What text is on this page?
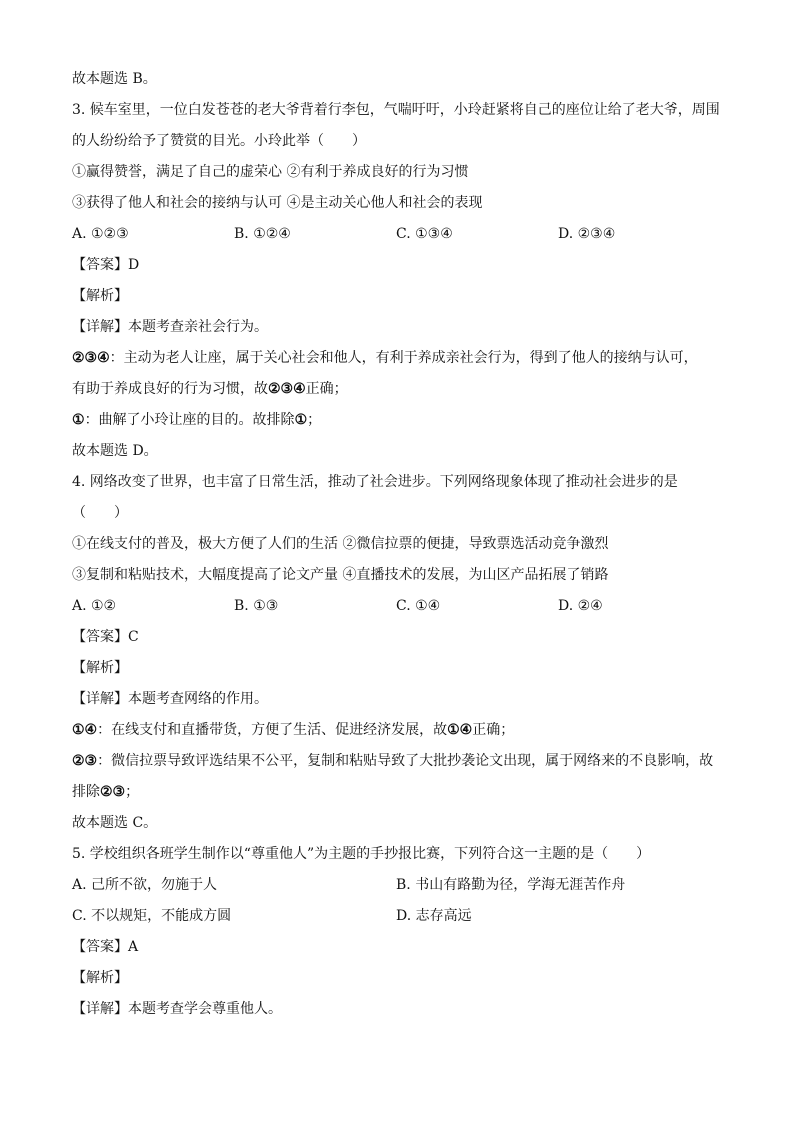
故本题选 B。
3. 候车室里，一位白发苍苍的老大爷背着行李包，气喘吁吁，小玲赶紧将自己的座位让给了老大爷，周围
的人纷纷给予了赞赏的目光。小玲此举（　　）
①赢得赞誉，满足了自己的虚荣心 ②有利于养成良好的行为习惯
③获得了他人和社会的接纳与认可 ④是主动关心他人和社会的表现
A. ①②③	B. ①②④	C. ①③④	D. ②③④
【答案】D
【解析】
【详解】本题考查亲社会行为。
②③④：主动为老人让座，属于关心社会和他人，有利于养成亲社会行为，得到了他人的接纳与认可，
有助于养成良好的行为习惯，故②③④正确；
①：曲解了小玲让座的目的。故排除①；
故本题选 D。
4. 网络改变了世界，也丰富了日常生活，推动了社会进步。下列网络现象体现了推动社会进步的是
（　　）
①在线支付的普及，极大方便了人们的生活 ②微信拉票的便捷，导致票选活动竞争激烈
③复制和粘贴技术，大幅度提高了论文产量 ④直播技术的发展，为山区产品拓展了销路
A. ①②	B. ①③	C. ①④	D. ②④
【答案】C
【解析】
【详解】本题考查网络的作用。
①④：在线支付和直播带货，方便了生活、促进经济发展，故①④正确；
②③：微信拉票导致评选结果不公平，复制和粘贴导致了大批抄袭论文出现，属于网络来的不良影响，故
排除②③；
故本题选 C。
5. 学校组织各班学生制作以“尊重他人”为主题的手抄报比赛，下列符合这一主题的是（　　）
A. 己所不欲，勿施于人	B. 书山有路勤为径，学海无涯苦作舟
C. 不以规矩，不能成方圆	D. 志存高远
【答案】A
【解析】
【详解】本题考查学会尊重他人。
